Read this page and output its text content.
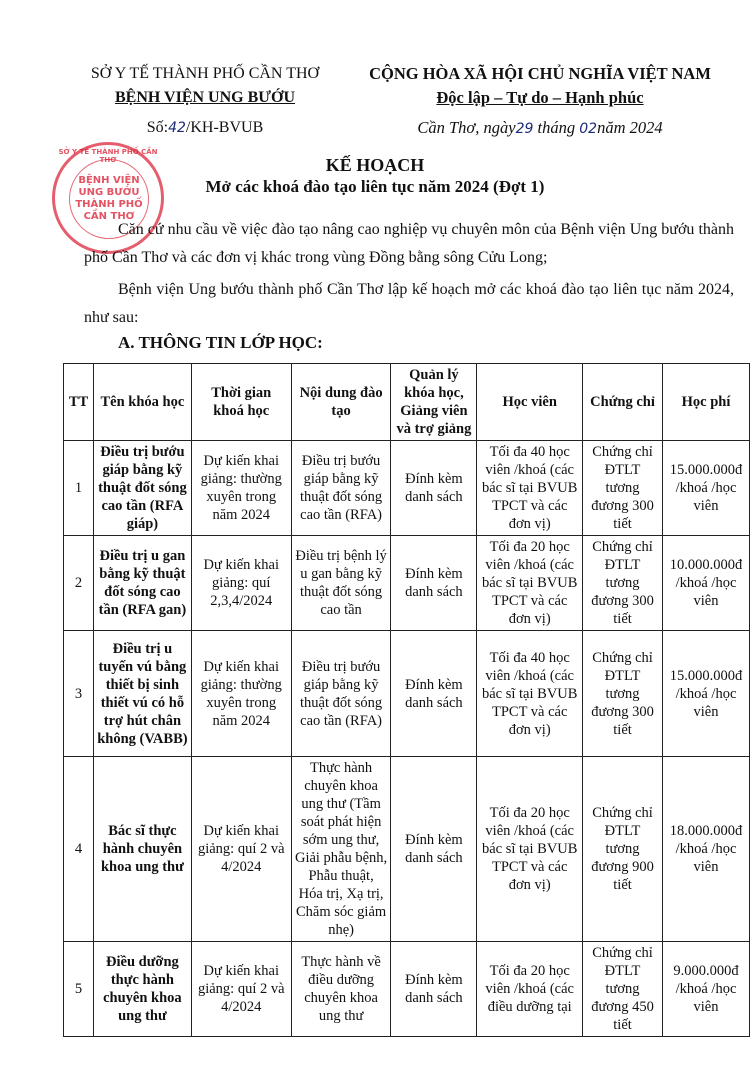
SỞ Y TẾ THÀNH PHỐ CẦN THƠ
BỆNH VIỆN UNG BƯỚU
Số:42/KH-BVUB
CỘNG HÒA XÃ HỘI CHỦ NGHĨA VIỆT NAM
Độc lập – Tự do – Hạnh phúc
Cần Thơ, ngày29 tháng 02năm 2024
SỞ Y TẾ THÀNH PHỐ CẦN THƠ
BỆNH VIỆN
UNG BƯỚU
THÀNH PHỐ
CẦN THƠ
KẾ HOẠCH
Mở các khoá đào tạo liên tục năm 2024 (Đợt 1)
Căn cứ nhu cầu về việc đào tạo nâng cao nghiệp vụ chuyên môn của Bệnh viện Ung bướu thành phố Cần Thơ và các đơn vị khác trong vùng Đồng bằng sông Cửu Long;
Bệnh viện Ung bướu thành phố Cần Thơ lập kế hoạch mở các khoá đào tạo liên tục năm 2024, như sau:
A. THÔNG TIN LỚP HỌC:
TT	Tên khóa học	Thời gian khoá học	Nội dung đào tạo	Quản lý khóa học, Giảng viên và trợ giảng	Học viên	Chứng chỉ	Học phí
1	Điều trị bướu giáp bằng kỹ thuật đốt sóng cao tần (RFA giáp)	Dự kiến khai giảng: thường xuyên trong năm 2024	Điều trị bướu giáp bằng kỹ thuật đốt sóng cao tần (RFA)	Đính kèm danh sách	Tối đa 40 học viên /khoá (các bác sĩ tại BVUB TPCT và các đơn vị)	Chứng chỉ ĐTLT tương đương 300 tiết	15.000.000đ /khoá /học viên
2	Điều trị u gan bằng kỹ thuật đốt sóng cao tần (RFA gan)	Dự kiến khai giảng: quí 2,3,4/2024	Điều trị bệnh lý u gan bằng kỹ thuật đốt sóng cao tần	Đính kèm danh sách	Tối đa 20 học viên /khoá (các bác sĩ tại BVUB TPCT và các đơn vị)	Chứng chỉ ĐTLT tương đương 300 tiết	10.000.000đ /khoá /học viên
3	Điều trị u tuyến vú bằng thiết bị sinh thiết vú có hỗ trợ hút chân không (VABB)	Dự kiến khai giảng: thường xuyên trong năm 2024	Điều trị bướu giáp bằng kỹ thuật đốt sóng cao tần (RFA)	Đính kèm danh sách	Tối đa 40 học viên /khoá (các bác sĩ tại BVUB TPCT và các đơn vị)	Chứng chỉ ĐTLT tương đương 300 tiết	15.000.000đ /khoá /học viên
4	Bác sĩ thực hành chuyên khoa ung thư	Dự kiến khai giảng: quí 2 và 4/2024	Thực hành chuyên khoa ung thư (Tầm soát phát hiện sớm ung thư, Giải phẫu bệnh, Phẫu thuật, Hóa trị, Xạ trị, Chăm sóc giảm nhẹ)	Đính kèm danh sách	Tối đa 20 học viên /khoá (các bác sĩ tại BVUB TPCT và các đơn vị)	Chứng chỉ ĐTLT tương đương 900 tiết	18.000.000đ /khoá /học viên
5	Điều dưỡng thực hành chuyên khoa ung thư	Dự kiến khai giảng: quí 2 và 4/2024	Thực hành về điều dưỡng chuyên khoa ung thư	Đính kèm danh sách	Tối đa 20 học viên /khoá (các điều dưỡng tại	Chứng chỉ ĐTLT tương đương 450 tiết	9.000.000đ /khoá /học viên
